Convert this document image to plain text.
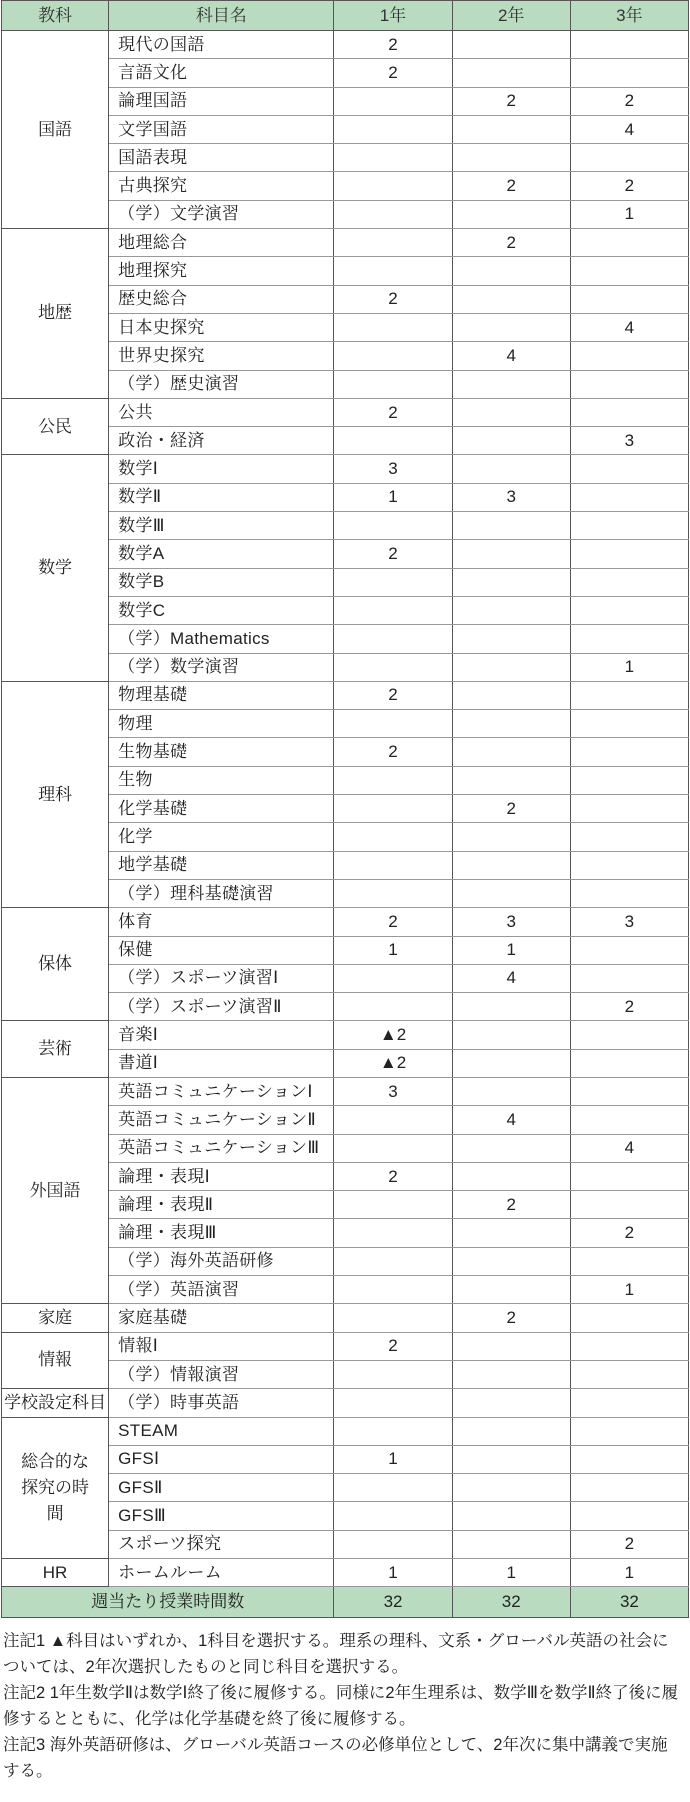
教科	科目名	1年	2年	3年
国語	現代の国語	2		
	言語文化	2		
	論理国語		2	2
	文学国語			4
	国語表現			
	古典探究		2	2
	（学）文学演習			1
地歴	地理総合		2	
	地理探究			
	歴史総合	2		
	日本史探究			4
	世界史探究		4	
	（学）歴史演習			
公民	公共	2		
	政治・経済			3
数学	数学Ⅰ	3		
	数学Ⅱ	1	3	
	数学Ⅲ			
	数学A	2		
	数学B			
	数学C			
	（学）Mathematics			
	（学）数学演習			1
理科	物理基礎	2		
	物理			
	生物基礎	2		
	生物			
	化学基礎		2	
	化学			
	地学基礎			
	（学）理科基礎演習			
保体	体育	2	3	3
	保健	1	1	
	（学）スポーツ演習Ⅰ		4	
	（学）スポーツ演習Ⅱ			2
芸術	音楽Ⅰ	▲2		
	書道Ⅰ	▲2		
外国語	英語コミュニケーションⅠ	3		
	英語コミュニケーションⅡ		4	
	英語コミュニケーションⅢ			4
	論理・表現Ⅰ	2		
	論理・表現Ⅱ		2	
	論理・表現Ⅲ			2
	（学）海外英語研修			
	（学）英語演習			1
家庭	家庭基礎		2	
情報	情報Ⅰ	2		
	（学）情報演習			
学校設定科目	（学）時事英語			
総合的な探究の時間	STEAM			
	GFSⅠ	1		
	GFSⅡ			
	GFSⅢ			
	スポーツ探究			2
HR	ホームルーム	1	1	1
週当たり授業時間数		32	32	32

注記1 ▲科目はいずれか、1科目を選択する。理系の理科、文系・グローバル英語の社会については、2年次選択したものと同じ科目を選択する。

注記2 1年生数学Ⅱは数学Ⅰ終了後に履修する。同様に2年生理系は、数学Ⅲを数学Ⅱ終了後に履修するとともに、化学は化学基礎を終了後に履修する。

注記3 海外英語研修は、グローバル英語コースの必修単位として、2年次に集中講義で実施する。
